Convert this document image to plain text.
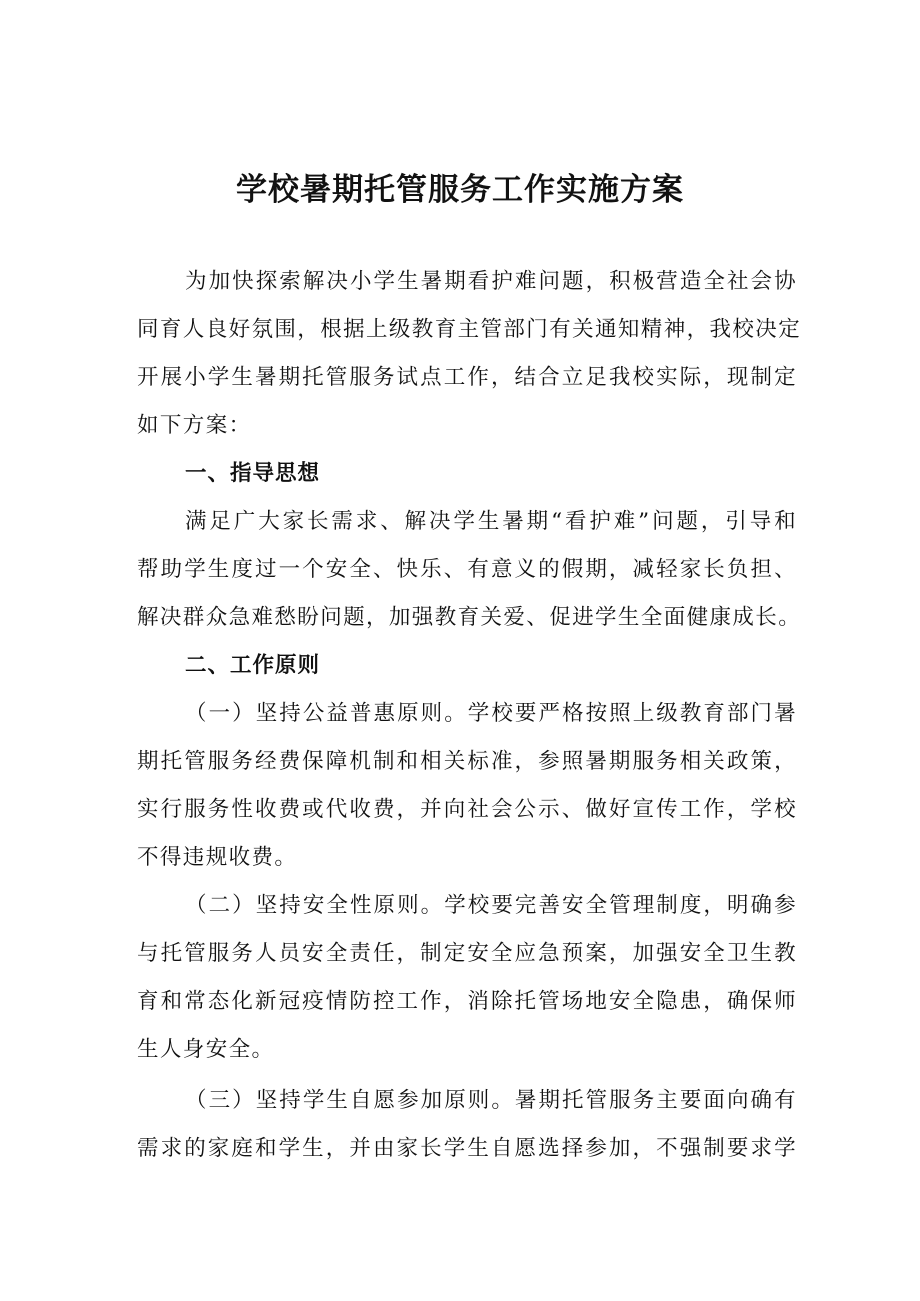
学校暑期托管服务工作实施方案
为加快探索解决小学生暑期看护难问题，积极营造全社会协
同育人良好氛围，根据上级教育主管部门有关通知精神，我校决定
开展小学生暑期托管服务试点工作，结合立足我校实际，现制定
如下方案：
一、指导思想
满足广大家长需求、解决学生暑期“看护难”问题，引导和
帮助学生度过一个安全、快乐、有意义的假期，减轻家长负担、
解决群众急难愁盼问题，加强教育关爱、促进学生全面健康成长。
二、工作原则
（一）坚持公益普惠原则。学校要严格按照上级教育部门暑
期托管服务经费保障机制和相关标准，参照暑期服务相关政策，
实行服务性收费或代收费，并向社会公示、做好宣传工作，学校
不得违规收费。
（二）坚持安全性原则。学校要完善安全管理制度，明确参
与托管服务人员安全责任，制定安全应急预案，加强安全卫生教
育和常态化新冠疫情防控工作，消除托管场地安全隐患，确保师
生人身安全。
（三）坚持学生自愿参加原则。暑期托管服务主要面向确有
需求的家庭和学生，并由家长学生自愿选择参加，不强制要求学
